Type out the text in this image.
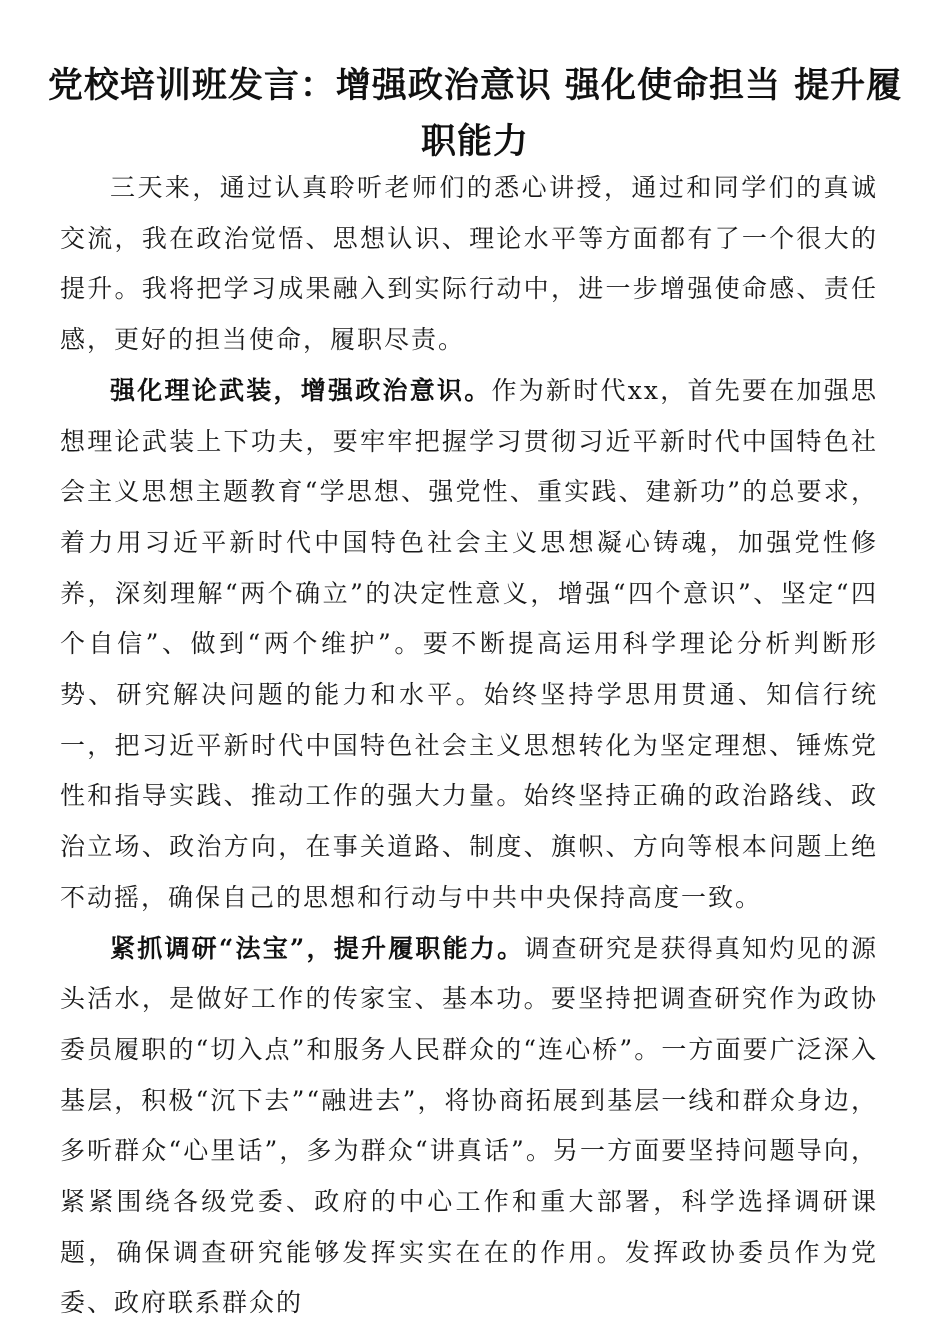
党校培训班发言：增强政治意识 强化使命担当 提升履职能力

三天来，通过认真聆听老师们的悉心讲授，通过和同学们的真诚交流，我在政治觉悟、思想认识、理论水平等方面都有了一个很大的提升。我将把学习成果融入到实际行动中，进一步增强使命感、责任感，更好的担当使命，履职尽责。

强化理论武装，增强政治意识。作为新时代xx，首先要在加强思想理论武装上下功夫，要牢牢把握学习贯彻习近平新时代中国特色社会主义思想主题教育“学思想、强党性、重实践、建新功”的总要求，着力用习近平新时代中国特色社会主义思想凝心铸魂，加强党性修养，深刻理解“两个确立”的决定性意义，增强“四个意识”、坚定“四个自信”、做到“两个维护”。要不断提高运用科学理论分析判断形势、研究解决问题的能力和水平。始终坚持学思用贯通、知信行统一，把习近平新时代中国特色社会主义思想转化为坚定理想、锤炼党性和指导实践、推动工作的强大力量。始终坚持正确的政治路线、政治立场、政治方向，在事关道路、制度、旗帜、方向等根本问题上绝不动摇，确保自己的思想和行动与中共中央保持高度一致。

紧抓调研“法宝”，提升履职能力。调查研究是获得真知灼见的源头活水，是做好工作的传家宝、基本功。要坚持把调查研究作为政协委员履职的“切入点”和服务人民群众的“连心桥”。一方面要广泛深入基层，积极“沉下去”“融进去”，将协商拓展到基层一线和群众身边，多听群众“心里话”，多为群众“讲真话”。另一方面要坚持问题导向，紧紧围绕各级党委、政府的中心工作和重大部署，科学选择调研课题，确保调查研究能够发挥实实在在的作用。发挥政协委员作为党委、政府联系群众的
